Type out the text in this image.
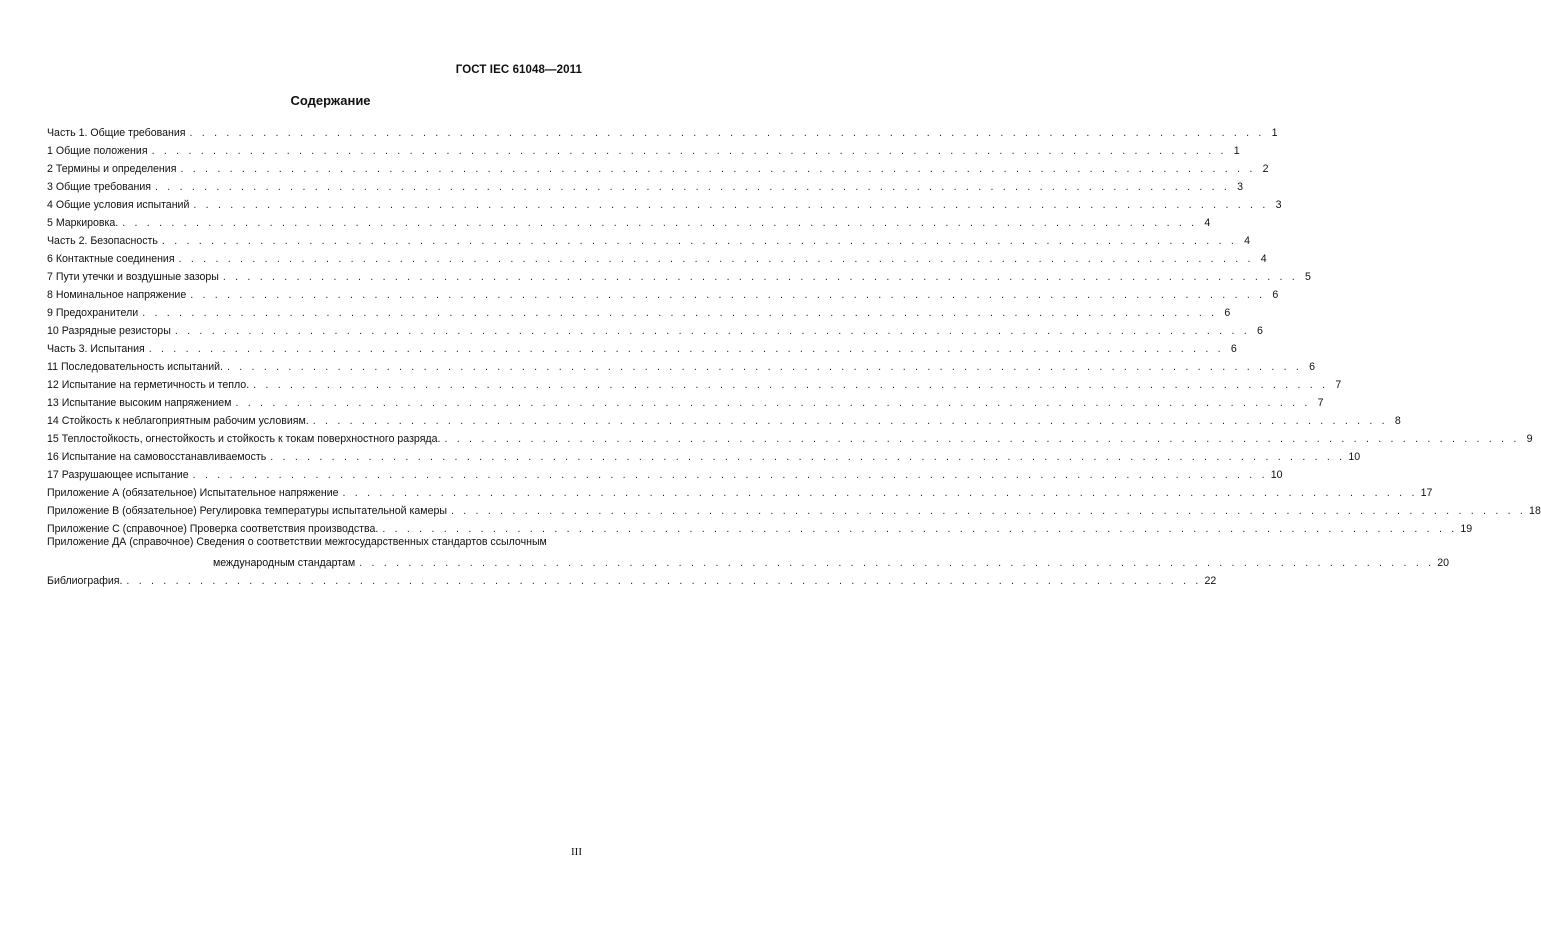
ГОСТ IEC 61048—2011
Содержание
Часть 1. Общие требования . . . . . . . . . . . . . . . . . . . . . . . . . . . . . . . . . . . . . . . . . . . . . . . . . . . . . . . . . . . . . . . . . . . . . . . . . . . . . . . . . . . . . . . . 1
1 Общие положения . . . . . . . . . . . . . . . . . . . . . . . . . . . . . . . . . . . . . . . . . . . . . . . . . . . . . . . . . . . . . . . . . . . . . . . . . . . . . . . . . . . . . . . . 1
2 Термины и определения . . . . . . . . . . . . . . . . . . . . . . . . . . . . . . . . . . . . . . . . . . . . . . . . . . . . . . . . . . . . . . . . . . . . . . . . . . . . . . . . . . . . . . . . 2
3 Общие требования . . . . . . . . . . . . . . . . . . . . . . . . . . . . . . . . . . . . . . . . . . . . . . . . . . . . . . . . . . . . . . . . . . . . . . . . . . . . . . . . . . . . . . . . 3
4 Общие условия испытаний . . . . . . . . . . . . . . . . . . . . . . . . . . . . . . . . . . . . . . . . . . . . . . . . . . . . . . . . . . . . . . . . . . . . . . . . . . . . . . . . . . . . . . . . 3
5 Маркировка. . . . . . . . . . . . . . . . . . . . . . . . . . . . . . . . . . . . . . . . . . . . . . . . . . . . . . . . . . . . . . . . . . . . . . . . . . . . . . . . . . . . . . . . . 4
Часть 2. Безопасность . . . . . . . . . . . . . . . . . . . . . . . . . . . . . . . . . . . . . . . . . . . . . . . . . . . . . . . . . . . . . . . . . . . . . . . . . . . . . . . . . . . . . . . . 4
6 Контактные соединения . . . . . . . . . . . . . . . . . . . . . . . . . . . . . . . . . . . . . . . . . . . . . . . . . . . . . . . . . . . . . . . . . . . . . . . . . . . . . . . . . . . . . . . . 4
7 Пути утечки и воздушные зазоры . . . . . . . . . . . . . . . . . . . . . . . . . . . . . . . . . . . . . . . . . . . . . . . . . . . . . . . . . . . . . . . . . . . . . . . . . . . . . . . . . . . . . . . . 5
8 Номинальное напряжение . . . . . . . . . . . . . . . . . . . . . . . . . . . . . . . . . . . . . . . . . . . . . . . . . . . . . . . . . . . . . . . . . . . . . . . . . . . . . . . . . . . . . . . . 6
9 Предохранители . . . . . . . . . . . . . . . . . . . . . . . . . . . . . . . . . . . . . . . . . . . . . . . . . . . . . . . . . . . . . . . . . . . . . . . . . . . . . . . . . . . . . . . . 6
10 Разрядные резисторы . . . . . . . . . . . . . . . . . . . . . . . . . . . . . . . . . . . . . . . . . . . . . . . . . . . . . . . . . . . . . . . . . . . . . . . . . . . . . . . . . . . . . . . . 6
Часть 3. Испытания . . . . . . . . . . . . . . . . . . . . . . . . . . . . . . . . . . . . . . . . . . . . . . . . . . . . . . . . . . . . . . . . . . . . . . . . . . . . . . . . . . . . . . . . 6
11 Последовательность испытаний. . . . . . . . . . . . . . . . . . . . . . . . . . . . . . . . . . . . . . . . . . . . . . . . . . . . . . . . . . . . . . . . . . . . . . . . . . . . . . . . . . . . . . . . . 6
12 Испытание на герметичность и тепло. . . . . . . . . . . . . . . . . . . . . . . . . . . . . . . . . . . . . . . . . . . . . . . . . . . . . . . . . . . . . . . . . . . . . . . . . . . . . . . . . . . . . . . . . 7
13 Испытание высоким напряжением . . . . . . . . . . . . . . . . . . . . . . . . . . . . . . . . . . . . . . . . . . . . . . . . . . . . . . . . . . . . . . . . . . . . . . . . . . . . . . . . . . . . . . . . 7
14 Стойкость к неблагоприятным рабочим условиям. . . . . . . . . . . . . . . . . . . . . . . . . . . . . . . . . . . . . . . . . . . . . . . . . . . . . . . . . . . . . . . . . . . . . . . . . . . . . . . . . . . . . . . . . 8
15 Теплостойкость, огнестойкость и стойкость к токам поверхностного разряда. . . . . . . . . . . . . . . . . . . . . . . . . . . . . . . . . . . . . . . . . . . . . . . . . . . . . . . . . . . . . . . . . . . . . . . . . . . . . . . . . . . . . . . . . 9
16 Испытание на самовосстанавливаемость . . . . . . . . . . . . . . . . . . . . . . . . . . . . . . . . . . . . . . . . . . . . . . . . . . . . . . . . . . . . . . . . . . . . . . . . . . . . . . . . . . . . . . . . 10
17 Разрушающее испытание . . . . . . . . . . . . . . . . . . . . . . . . . . . . . . . . . . . . . . . . . . . . . . . . . . . . . . . . . . . . . . . . . . . . . . . . . . . . . . . . . . . . . . . . 10
Приложение А (обязательное) Испытательное напряжение . . . . . . . . . . . . . . . . . . . . . . . . . . . . . . . . . . . . . . . . . . . . . . . . . . . . . . . . . . . . . . . . . . . . . . . . . . . . . . . . . . . . . . . . 17
Приложение В (обязательное) Регулировка температуры испытательной камеры . . . . . . . . . . . . . . . . . . . . . . . . . . . . . . . . . . . . . . . . . . . . . . . . . . . . . . . . . . . . . . . . . . . . . . . . . . . . . . . . . . . . . . . . 18
Приложение С (справочное) Проверка соответствия производства. . . . . . . . . . . . . . . . . . . . . . . . . . . . . . . . . . . . . . . . . . . . . . . . . . . . . . . . . . . . . . . . . . . . . . . . . . . . . . . . . . . . . . . . . 19
Приложение ДА (справочное) Сведения о соответствии межгосударственных стандартов ссылочным
международным стандартам . . . . . . . . . . . . . . . . . . . . . . . . . . . . . . . . . . . . . . . . . . . . . . . . . . . . . . . . . . . . . . . . . . . . . . . . . . . . . . . . . . . . . . . . 20
Библиография. . . . . . . . . . . . . . . . . . . . . . . . . . . . . . . . . . . . . . . . . . . . . . . . . . . . . . . . . . . . . . . . . . . . . . . . . . . . . . . . . . . . . . . . . 22
III
